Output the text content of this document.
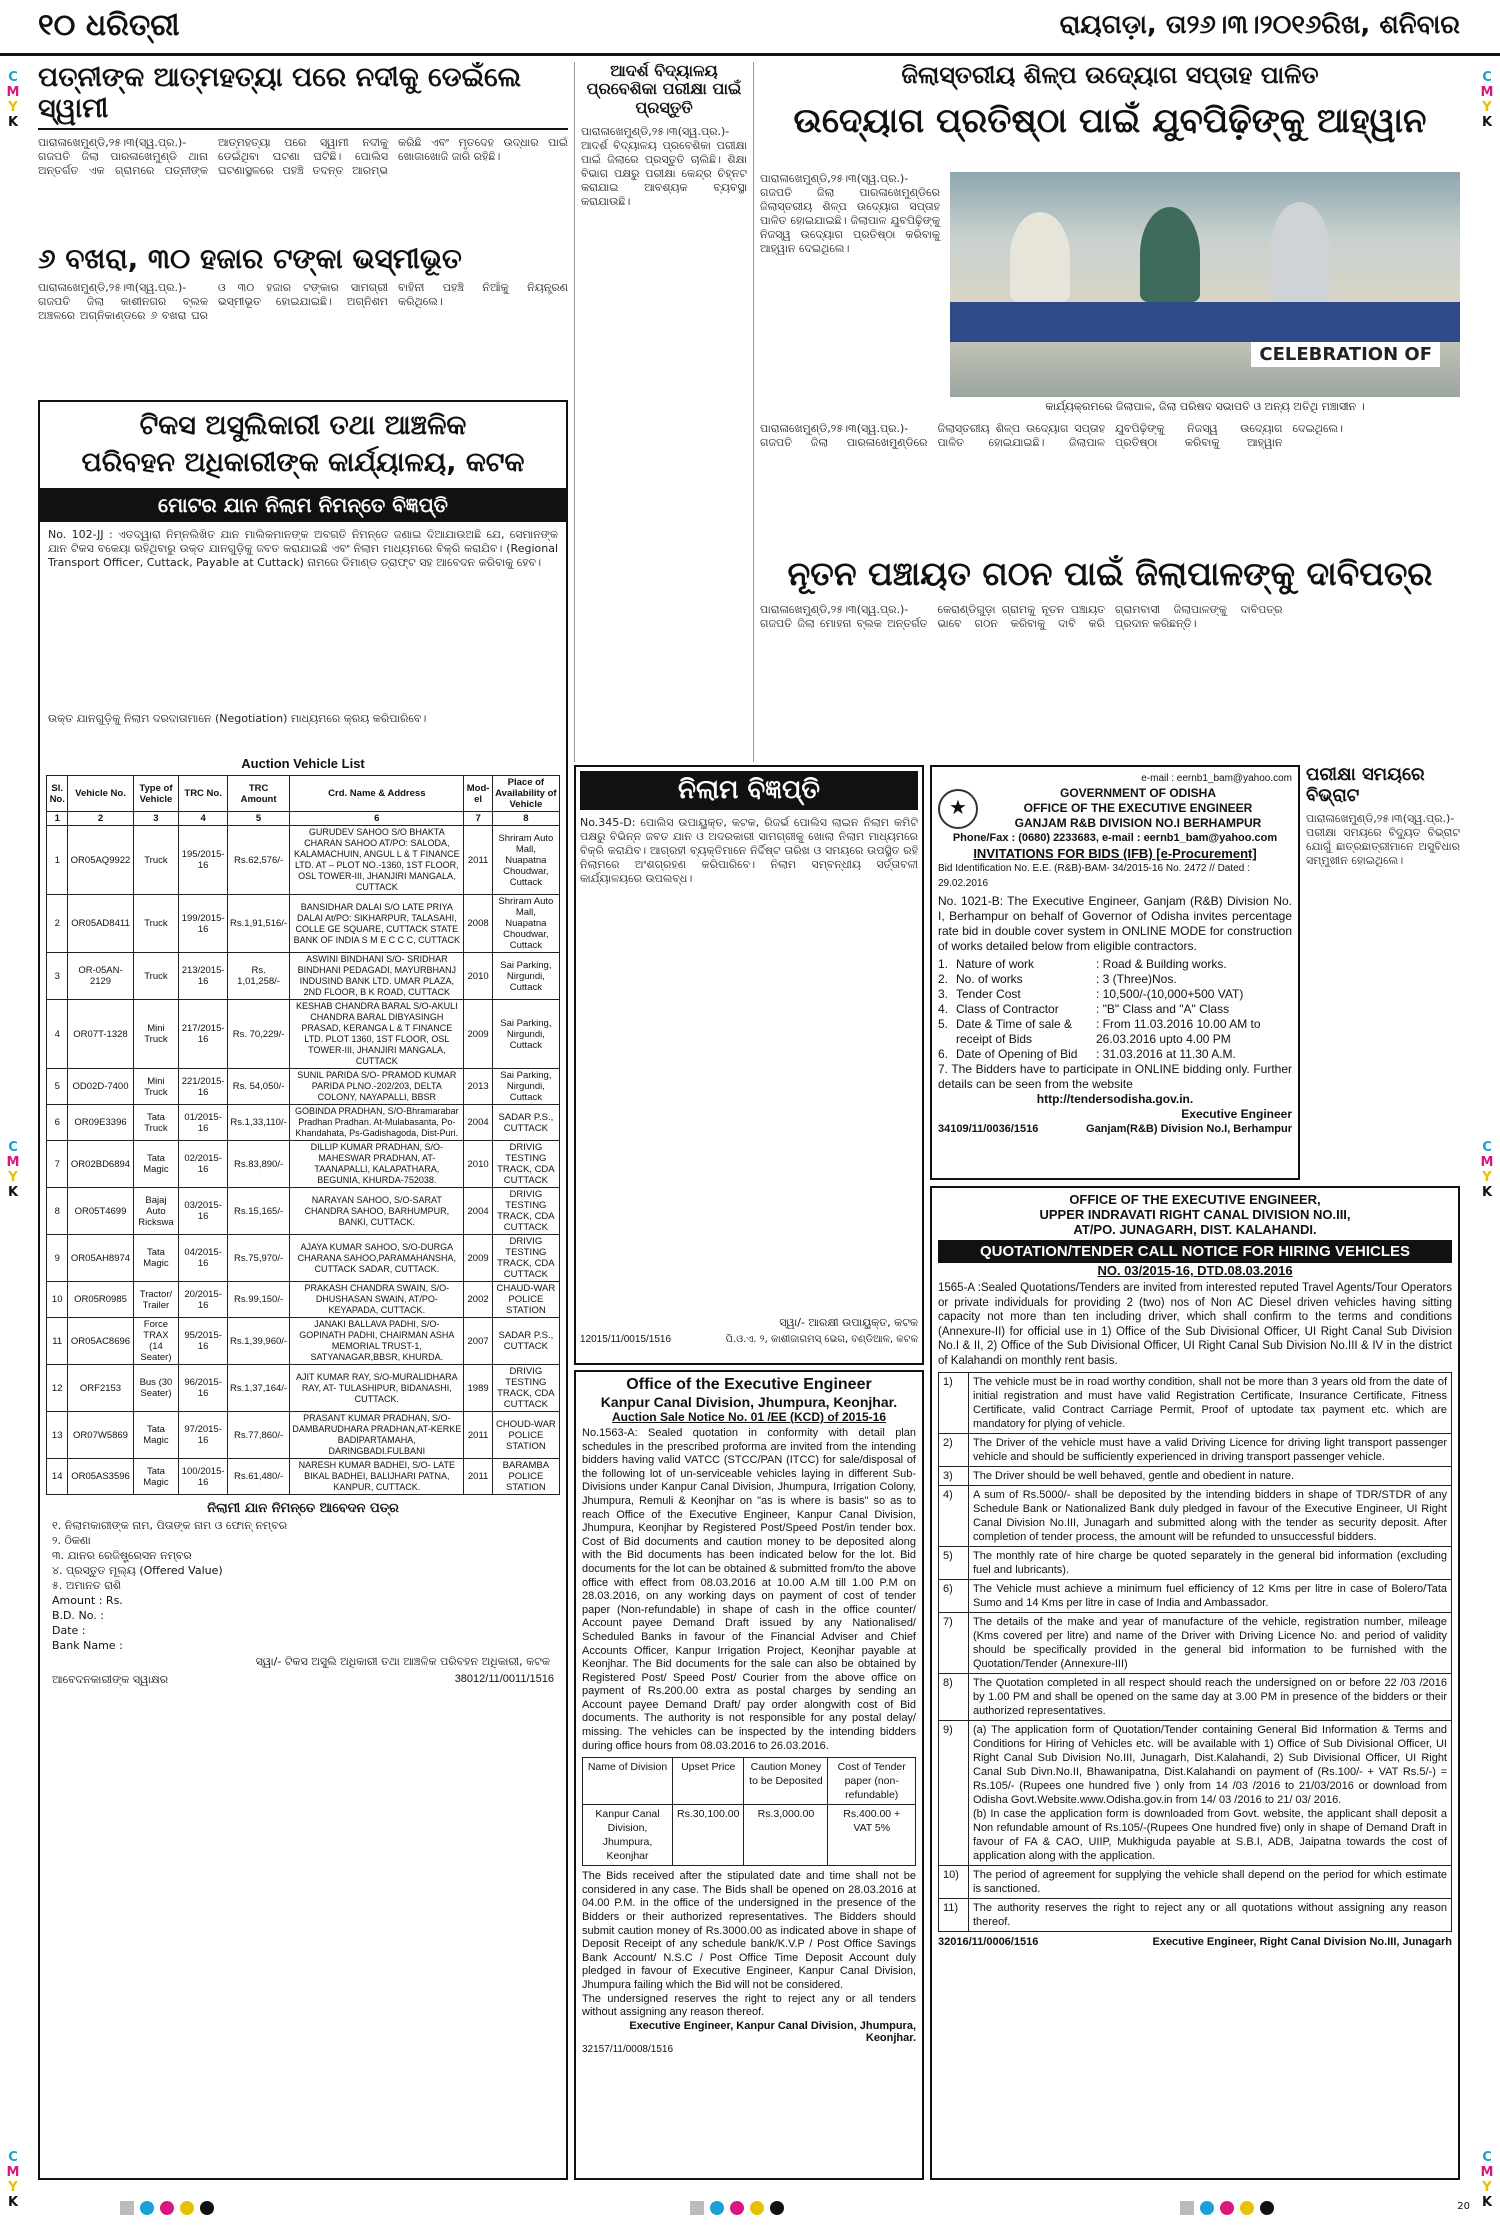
୧୦ ଧରିତ୍ରୀ	ରାୟଗଡ଼ା, ତା୨୬।୩।୨୦୧୬ରିଖ, ଶନିବାର
C
M
Y
K
C
M
Y
K
C
M
Y
K
C
M
Y
K
C
M
Y
K
C
M
Y
K
ପତ୍ନୀଙ୍କ ଆତ୍ମହତ୍ୟା ପରେ ନଦୀକୁ ଡେଇଁଲେ ସ୍ୱାମୀ
ପାରାଳାଖେମୁଣ୍ଡି,୨୫।୩(ସ୍ୱ.ପ୍ର.)- ଗଜପତି ଜିଲା ପାରଳାଖେମୁଣ୍ଡି ଥାନା ଅନ୍ତର୍ଗତ ଏକ ଗ୍ରାମରେ ପତ୍ନୀଙ୍କ ଆତ୍ମହତ୍ୟା ପରେ ସ୍ୱାମୀ ନଦୀକୁ ଡେଇଁଥିବା ଘଟଣା ଘଟିଛି। ପୋଲିସ ଘଟଣାସ୍ଥଳରେ ପହଞ୍ଚି ତଦନ୍ତ ଆରମ୍ଭ କରିଛି ଏବଂ ମୃତଦେହ ଉଦ୍ଧାର ପାଇଁ ଖୋଜାଖୋଜି ଜାରି ରହିଛି।
୬ ବଖରା, ୩୦ ହଜାର ଟଙ୍କା ଭସ୍ମୀଭୂତ
ପାରାଳାଖେମୁଣ୍ଡି,୨୫।୩(ସ୍ୱ.ପ୍ର.)- ଗଜପତି ଜିଲା କାଶୀନଗର ବ୍ଲକ ଅଞ୍ଚଳରେ ଅଗ୍ନିକାଣ୍ଡରେ ୬ ବଖରା ଘର ଓ ୩୦ ହଜାର ଟଙ୍କାର ସାମଗ୍ରୀ ଭସ୍ମୀଭୂତ ହୋଇଯାଇଛି। ଅଗ୍ନିଶମ ବାହିନୀ ପହଞ୍ଚି ନିଆଁକୁ ନିୟନ୍ତ୍ରଣ କରିଥିଲେ।
ଆଦର୍ଶ ବିଦ୍ୟାଳୟ ପ୍ରବେଶିକା ପରୀକ୍ଷା ପାଇଁ ପ୍ରସ୍ତୁତି
ପାରାଳାଖେମୁଣ୍ଡି,୨୫।୩(ସ୍ୱ.ପ୍ର.)- ଆଦର୍ଶ ବିଦ୍ୟାଳୟ ପ୍ରବେଶିକା ପରୀକ୍ଷା ପାଇଁ ଜିଲାରେ ପ୍ରସ୍ତୁତି ଚାଲିଛି। ଶିକ୍ଷା ବିଭାଗ ପକ୍ଷରୁ ପରୀକ୍ଷା କେନ୍ଦ୍ର ଚିହ୍ନଟ କରାଯାଇ ଆବଶ୍ୟକ ବ୍ୟବସ୍ଥା କରାଯାଉଛି।
ଜିଲାସ୍ତରୀୟ ଶିଳ୍ପ ଉଦ୍ୟୋଗ ସପ୍ତାହ ପାଳିତ
ଉଦ୍ୟୋଗ ପ୍ରତିଷ୍ଠା ପାଇଁ ଯୁବପିଢ଼ିଙ୍କୁ ଆହ୍ୱାନ
ପାରାଳାଖେମୁଣ୍ଡି,୨୫।୩(ସ୍ୱ.ପ୍ର.)- ଗଜପତି ଜିଲା ପାରଳାଖେମୁଣ୍ଡିରେ ଜିଲାସ୍ତରୀୟ ଶିଳ୍ପ ଉଦ୍ୟୋଗ ସପ୍ତାହ ପାଳିତ ହୋଇଯାଇଛି। ଜିଲାପାଳ ଯୁବପିଢ଼ିଙ୍କୁ ନିଜସ୍ୱ ଉଦ୍ୟୋଗ ପ୍ରତିଷ୍ଠା କରିବାକୁ ଆହ୍ୱାନ ଦେଇଥିଲେ।
CELEBRATION OF
କାର୍ଯ୍ୟକ୍ରମରେ ଜିଲାପାଳ, ଜିଲା ପରିଷଦ ସଭାପତି ଓ ଅନ୍ୟ ଅତିଥି ମଞ୍ଚାସୀନ ।
ପାରାଳାଖେମୁଣ୍ଡି,୨୫।୩(ସ୍ୱ.ପ୍ର.)- ଗଜପତି ଜିଲା ପାରଳାଖେମୁଣ୍ଡିରେ ଜିଲାସ୍ତରୀୟ ଶିଳ୍ପ ଉଦ୍ୟୋଗ ସପ୍ତାହ ପାଳିତ ହୋଇଯାଇଛି। ଜିଲାପାଳ ଯୁବପିଢ଼ିଙ୍କୁ ନିଜସ୍ୱ ଉଦ୍ୟୋଗ ପ୍ରତିଷ୍ଠା କରିବାକୁ ଆହ୍ୱାନ ଦେଇଥିଲେ।
ନୂତନ ପଞ୍ଚାୟତ ଗଠନ ପାଇଁ ଜିଲାପାଳଙ୍କୁ ଦାବିପତ୍ର
ପାରାଳାଖେମୁଣ୍ଡି,୨୫।୩(ସ୍ୱ.ପ୍ର.)- ଗଜପତି ଜିଲା ମୋହନା ବ୍ଲକ ଅନ୍ତର୍ଗତ କେରାଣ୍ଡିଗୁଡ଼ା ଗ୍ରାମକୁ ନୂତନ ପଞ୍ଚାୟତ ଭାବେ ଗଠନ କରିବାକୁ ଦାବି କରି ଗ୍ରାମବାସୀ ଜିଲାପାଳଙ୍କୁ ଦାବିପତ୍ର ପ୍ରଦାନ କରିଛନ୍ତି।
ଟିକସ ଅସୁଲିକାରୀ ତଥା ଆଞ୍ଚଳିକ
ପରିବହନ ଅଧିକାରୀଙ୍କ କାର୍ଯ୍ୟାଳୟ, କଟକ
ମୋଟର ଯାନ ନିଲାମ ନିମନ୍ତେ ବିଜ୍ଞପ୍ତି
No. 102-JJ : ଏତଦ୍ୱାରା ନିମ୍ନଲିଖିତ ଯାନ ମାଲିକମାନଙ୍କ ଅବଗତି ନିମନ୍ତେ ଜଣାଇ ଦିଆଯାଉଅଛି ଯେ, ସେମାନଙ୍କ ଯାନ ଟିକସ ବକେୟା ରହିଥିବାରୁ ଉକ୍ତ ଯାନଗୁଡ଼ିକୁ ଜବତ କରାଯାଇଛି ଏବଂ ନିଲାମ ମାଧ୍ୟମରେ ବିକ୍ରି କରାଯିବ। (Regional Transport Officer, Cuttack, Payable at Cuttack) ନାମରେ ଡିମାଣ୍ଡ ଡ୍ରାଫ୍ଟ ସହ ଆବେଦନ କରିବାକୁ ହେବ।
ଉକ୍ତ ଯାନଗୁଡ଼ିକୁ ନିଲାମ ଦରଦାତାମାନେ (Negotiation) ମାଧ୍ୟମରେ କ୍ରୟ କରିପାରିବେ।
Auction Vehicle List
Sl. No.	Vehicle No.	Type of Vehicle	TRC No.	TRC Amount	Crd. Name & Address	Mod-el	Place of Availability of Vehicle
1	2	3	4	5	6	7	8
1	OR05AQ9922	Truck	195/2015-16	Rs.62,576/-	GURUDEV SAHOO S/O BHAKTA CHARAN SAHOO AT/PO: SALODA, KALAMACHUIN, ANGUL L & T FINANCE LTD. AT – PLOT NO.-1360, 1ST FLOOR, OSL TOWER-III, JHANJIRI MANGALA, CUTTACK	2011	Shriram Auto Mall, Nuapatna Choudwar, Cuttack
2	OR05AD8411	Truck	199/2015-16	Rs.1,91,516/-	BANSIDHAR DALAI S/O LATE PRIYA DALAI At/PO: SIKHARPUR, TALASAHI, COLLE GE SQUARE, CUTTACK STATE BANK OF INDIA S M E C C C, CUTTACK	2008	Shriram Auto Mall, Nuapatna Choudwar, Cuttack
3	OR-05AN-2129	Truck	213/2015-16	Rs. 1,01,258/-	ASWINI BINDHANI S/O- SRIDHAR BINDHANI PEDAGADI, MAYURBHANJ INDUSIND BANK LTD. UMAR PLAZA, 2ND FLOOR, B K ROAD, CUTTACK	2010	Sai Parking, Nirgundi, Cuttack
4	OR07T-1328	Mini Truck	217/2015-16	Rs. 70,229/-	KESHAB CHANDRA BARAL S/O-AKULI CHANDRA BARAL DIBYASINGH PRASAD, KERANGA L & T FINANCE LTD. PLOT 1360, 1ST FLOOR, OSL TOWER-III, JHANJIRI MANGALA, CUTTACK	2009	Sai Parking, Nirgundi, Cuttack
5	OD02D-7400	Mini Truck	221/2015-16	Rs. 54,050/-	SUNIL PARIDA S/O- PRAMOD KUMAR PARIDA PLNO.-202/203, DELTA COLONY, NAYAPALLI, BBSR	2013	Sai Parking, Nirgundi, Cuttack
6	OR09E3396	Tata Truck	01/2015-16	Rs.1,33,110/-	GOBINDA PRADHAN, S/O-Bhramarabar Pradhan Pradhan. At-Mulabasanta, Po-Khandahata, Ps-Gadishagoda, Dist-Puri.	2004	SADAR P.S., CUTTACK
7	OR02BD6894	Tata Magic	02/2015-16	Rs.83,890/-	DILLIP KUMAR PRADHAN, S/O-MAHESWAR PRADHAN, AT- TAANAPALLI, KALAPATHARA, BEGUNIA, KHURDA-752038.	2010	DRIVIG TESTING TRACK, CDA CUTTACK
8	OR05T4699	Bajaj Auto Rickswa	03/2015-16	Rs.15,165/-	NARAYAN SAHOO, S/O-SARAT CHANDRA SAHOO, BARHUMPUR, BANKI, CUTTACK.	2004	DRIVIG TESTING TRACK, CDA CUTTACK
9	OR05AH8974	Tata Magic	04/2015-16	Rs.75,970/-	AJAYA KUMAR SAHOO, S/O-DURGA CHARANA SAHOO,PARAMAHANSHA, CUTTACK SADAR, CUTTACK.	2009	DRIVIG TESTING TRACK, CDA CUTTACK
10	OR05R0985	Tractor/ Trailer	20/2015-16	Rs.99,150/-	PRAKASH CHANDRA SWAIN, S/O-DHUSHASAN SWAIN, AT/PO-KEYAPADA, CUTTACK.	2002	CHAUD-WAR POLICE STATION
11	OR05AC8696	Force TRAX (14 Seater)	95/2015-16	Rs.1,39,960/-	JANAKI BALLAVA PADHI, S/O-GOPINATH PADHI, CHAIRMAN ASHA MEMORIAL TRUST-1, SATYANAGAR,BBSR, KHURDA.	2007	SADAR P.S., CUTTACK
12	ORF2153	Bus (30 Seater)	96/2015-16	Rs.1,37,164/-	AJIT KUMAR RAY, S/O-MURALIDHARA RAY, AT- TULASHIPUR, BIDANASHI, CUTTACK.	1989	DRIVIG TESTING TRACK, CDA CUTTACK
13	OR07W5869	Tata Magic	97/2015-16	Rs.77,860/-	PRASANT KUMAR PRADHAN, S/O-DAMBARUDHARA PRADHAN,AT-KERKE BADIPARTAMAHA, DARINGBADI.FULBANI	2011	CHOUD-WAR POLICE STATION
14	OR05AS3596	Tata Magic	100/2015-16	Rs.61,480/-	NARESH KUMAR BADHEI, S/O- LATE BIKAL BADHEI, BALIJHARI PATNA, KANPUR, CUTTACK.	2011	BARAMBA POLICE STATION
ନିଲାମୀ ଯାନ ନିମନ୍ତେ ଆବେଦନ ପତ୍ର
୧. ନିଲାମକାରୀଙ୍କ ନାମ, ପିତାଙ୍କ ନାମ ଓ ଫୋନ୍ ନମ୍ବର
୨. ଠିକଣା
୩. ଯାନର ରେଜିଷ୍ଟ୍ରେସନ ନମ୍ବର
୪. ପ୍ରସ୍ତୁତ ମୂଲ୍ୟ (Offered Value)
୫. ଅମାନତ ରାଶି
Amount : Rs.
B.D. No. :
Date :
Bank Name :
ସ୍ୱା/- ଟିକସ ଅସୁଲି ଅଧିକାରୀ ତଥା ଆଞ୍ଚଳିକ ପରିବହନ ଅଧିକାରୀ, କଟକ
ଆବେଦନକାରୀଙ୍କ ସ୍ୱାକ୍ଷର	38012/11/0011/1516
ନିଲାମ ବିଜ୍ଞପ୍ତି
No.345-D: ପୋଲିସ ଉପାୟୁକ୍ତ, କଟକ, ରିଜର୍ଭ ପୋଲିସ ଲାଇନ ନିଲାମ କମିଟି ପକ୍ଷରୁ ବିଭିନ୍ନ ଜବତ ଯାନ ଓ ଅଦରକାରୀ ସାମଗ୍ରୀକୁ ଖୋଲା ନିଲାମ ମାଧ୍ୟମରେ ବିକ୍ରି କରାଯିବ। ଆଗ୍ରହୀ ବ୍ୟକ୍ତିମାନେ ନିର୍ଦ୍ଦିଷ୍ଟ ତାରିଖ ଓ ସମୟରେ ଉପସ୍ଥିତ ରହି ନିଲାମରେ ଅଂଶଗ୍ରହଣ କରିପାରିବେ। ନିଲାମ ସମ୍ବନ୍ଧୀୟ ସର୍ତ୍ତାବଳୀ କାର୍ଯ୍ୟାଳୟରେ ଉପଲବ୍ଧ।
ସ୍ୱା/- ଆରକ୍ଷୀ ଉପାୟୁକ୍ତ, କଟକ
12015/11/0015/1516	ପି.ଓ.ଏ. ୨, କାଶୀଜାଗମସ୍ ଭେଗ, ବଣ୍ଡିଆଳ, କଟକ
e-mail : eernb1_bam@yahoo.com
★
GOVERNMENT OF ODISHA
OFFICE OF THE EXECUTIVE ENGINEER
GANJAM R&B DIVISION NO.I BERHAMPUR
Phone/Fax : (0680) 2233683, e-mail : eernb1_bam@yahoo.com
INVITATIONS FOR BIDS (IFB) [e-Procurement]
Bid Identification No. E.E. (R&B)-BAM- 34/2015-16 No. 2472 // Dated : 29.02.2016
No. 1021-B: The Executive Engineer, Ganjam (R&B) Division No. I, Berhampur on behalf of Governor of Odisha invites percentage rate bid in double cover system in ONLINE MODE for construction of works detailed below from eligible contractors.
1. Nature of work	: Road & Building works.
2. No. of works	: 3 (Three)Nos.
3. Tender Cost	: 10,500/-(10,000+500 VAT)
4. Class of Contractor	: "B" Class and "A" Class
5. Date & Time of sale & receipt of Bids
: From 11.03.2016 10.00 AM to 26.03.2016 upto 4.00 PM
6. Date of Opening of Bid	: 31.03.2016 at 11.30 A.M.
7. The Bidders have to participate in ONLINE bidding only. Further details can be seen from the website
http://tendersodisha.gov.in.
Executive Engineer
34109/11/0036/1516	Ganjam(R&B) Division No.I, Berhampur
ପରୀକ୍ଷା ସମୟରେ ବିଭ୍ରାଟ
ପାରାଳାଖେମୁଣ୍ଡି,୨୫।୩(ସ୍ୱ.ପ୍ର.)- ପରୀକ୍ଷା ସମୟରେ ବିଦ୍ୟୁତ ବିଭ୍ରାଟ ଯୋଗୁଁ ଛାତ୍ରଛାତ୍ରୀମାନେ ଅସୁବିଧାର ସମ୍ମୁଖୀନ ହୋଇଥିଲେ।
Office of the Executive Engineer
Kanpur Canal Division, Jhumpura, Keonjhar.
Auction Sale Notice No. 01 /EE (KCD) of 2015-16
No.1563-A: Sealed quotation in conformity with detail plan schedules in the prescribed proforma are invited from the intending bidders having valid VATCC (STCC/PAN (ITCC) for sale/disposal of the following lot of un-serviceable vehicles laying in different Sub-Divisions under Kanpur Canal Division, Jhumpura, Irrigation Colony, Jhumpura, Remuli & Keonjhar on "as is where is basis" so as to reach Office of the Executive Engineer, Kanpur Canal Division, Jhumpura, Keonjhar by Registered Post/Speed Post/in tender box. Cost of Bid documents and caution money to be deposited along with the Bid documents has been indicated below for the lot. Bid documents for the lot can be obtained & submitted from/to the above office with effect from 08.03.2016 at 10.00 A.M till 1.00 P.M on 28.03.2016, on any working days on payment of cost of tender paper (Non-refundable) in shape of cash in the office counter/ Account payee Demand Draft issued by any Nationalised/ Scheduled Banks in favour of the Financial Adviser and Chief Accounts Officer, Kanpur Irrigation Project, Keonjhar payable at Keonjhar. The Bid documents for the sale can also be obtained by Registered Post/ Speed Post/ Courier from the above office on payment of Rs.200.00 extra as postal charges by sending an Account payee Demand Draft/ pay order alongwith cost of Bid documents. The authority is not responsible for any postal delay/ missing. The vehicles can be inspected by the intending bidders during office hours from 08.03.2016 to 26.03.2016.
Name of Division	Upset Price	Caution Money to be Deposited	Cost of Tender paper (non-refundable)
Kanpur Canal Division, Jhumpura, Keonjhar	Rs.30,100.00	Rs.3,000.00	Rs.400.00 + VAT 5%
The Bids received after the stipulated date and time shall not be considered in any case. The Bids shall be opened on 28.03.2016 at 04.00 P.M. in the office of the undersigned in the presence of the Bidders or their authorized representatives. The Bidders should submit caution money of Rs.3000.00 as indicated above in shape of Deposit Receipt of any schedule bank/K.V.P / Post Office Savings Bank Account/ N.S.C / Post Office Time Deposit Account duly pledged in favour of Executive Engineer, Kanpur Canal Division, Jhumpura failing which the Bid will not be considered.
The undersigned reserves the right to reject any or all tenders without assigning any reason thereof.
Executive Engineer, Kanpur Canal Division, Jhumpura, Keonjhar.
32157/11/0008/1516
OFFICE OF THE EXECUTIVE ENGINEER,
UPPER INDRAVATI RIGHT CANAL DIVISION NO.III,
AT/PO. JUNAGARH, DIST. KALAHANDI.
QUOTATION/TENDER CALL NOTICE FOR HIRING VEHICLES
NO. 03/2015-16, DTD.08.03.2016
1565-A :Sealed Quotations/Tenders are invited from interested reputed Travel Agents/Tour Operators or private individuals for providing 2 (two) nos of Non AC Diesel driven vehicles having sitting capacity not more than ten including driver, which shall confirm to the terms and conditions (Annexure-II) for official use in 1) Office of the Sub Divisional Officer, UI Right Canal Sub Division No.I & II, 2) Office of the Sub Divisional Officer, UI Right Canal Sub Division No.III & IV in the district of Kalahandi on monthly rent basis.
1)	The vehicle must be in road worthy condition, shall not be more than 3 years old from the date of initial registration and must have valid Registration Certificate, Insurance Certificate, Fitness Certificate, valid Contract Carriage Permit, Proof of uptodate tax payment etc. which are mandatory for plying of vehicle.
2)	The Driver of the vehicle must have a valid Driving Licence for driving light transport passenger vehicle and should be sufficiently experienced in driving transport passenger vehicle.
3)	The Driver should be well behaved, gentle and obedient in nature.
4)	A sum of Rs.5000/- shall be deposited by the intending bidders in shape of TDR/STDR of any Schedule Bank or Nationalized Bank duly pledged in favour of the Executive Engineer, UI Right Canal Division No.III, Junagarh and submitted along with the tender as security deposit. After completion of tender process, the amount will be refunded to unsuccessful bidders.
5)	The monthly rate of hire charge be quoted separately in the general bid information (excluding fuel and lubricants).
6)	The Vehicle must achieve a minimum fuel efficiency of 12 Kms per litre in case of Bolero/Tata Sumo and 14 Kms per litre in case of India and Ambassador.
7)	The details of the make and year of manufacture of the vehicle, registration number, mileage (Kms covered per litre) and name of the Driver with Driving Licence No. and period of validity should be specifically provided in the general bid information to be furnished with the Quotation/Tender (Annexure-III)
8)	The Quotation completed in all respect should reach the undersigned on or before 22 /03 /2016 by 1.00 PM and shall be opened on the same day at 3.00 PM in presence of the bidders or their authorized representatives.
9)	(a) The application form of Quotation/Tender containing General Bid Information & Terms and Conditions for Hiring of Vehicles etc. will be available with 1) Office of Sub Divisional Officer, UI Right Canal Sub Division No.III, Junagarh, Dist.Kalahandi, 2) Sub Divisional Officer, UI Right Canal Sub Divn.No.II, Bhawanipatna, Dist.Kalahandi on payment of (Rs.100/- + VAT Rs.5/-) = Rs.105/- (Rupees one hundred five ) only from 14 /03 /2016 to 21/03/2016 or download from Odisha Govt.Website.www.Odisha.gov.in from 14/ 03 /2016 to 21/ 03/ 2016.
(b) In case the application form is downloaded from Govt. website, the applicant shall deposit a Non refundable amount of Rs.105/-(Rupees One hundred five) only in shape of Demand Draft in favour of FA & CAO, UIIP, Mukhiguda payable at S.B.I, ADB, Jaipatna towards the cost of application along with the application.
10)	The period of agreement for supplying the vehicle shall depend on the period for which estimate is sanctioned.
11)	The authority reserves the right to reject any or all quotations without assigning any reason thereof.
32016/11/0006/1516	Executive Engineer, Right Canal Division No.III, Junagarh
20
